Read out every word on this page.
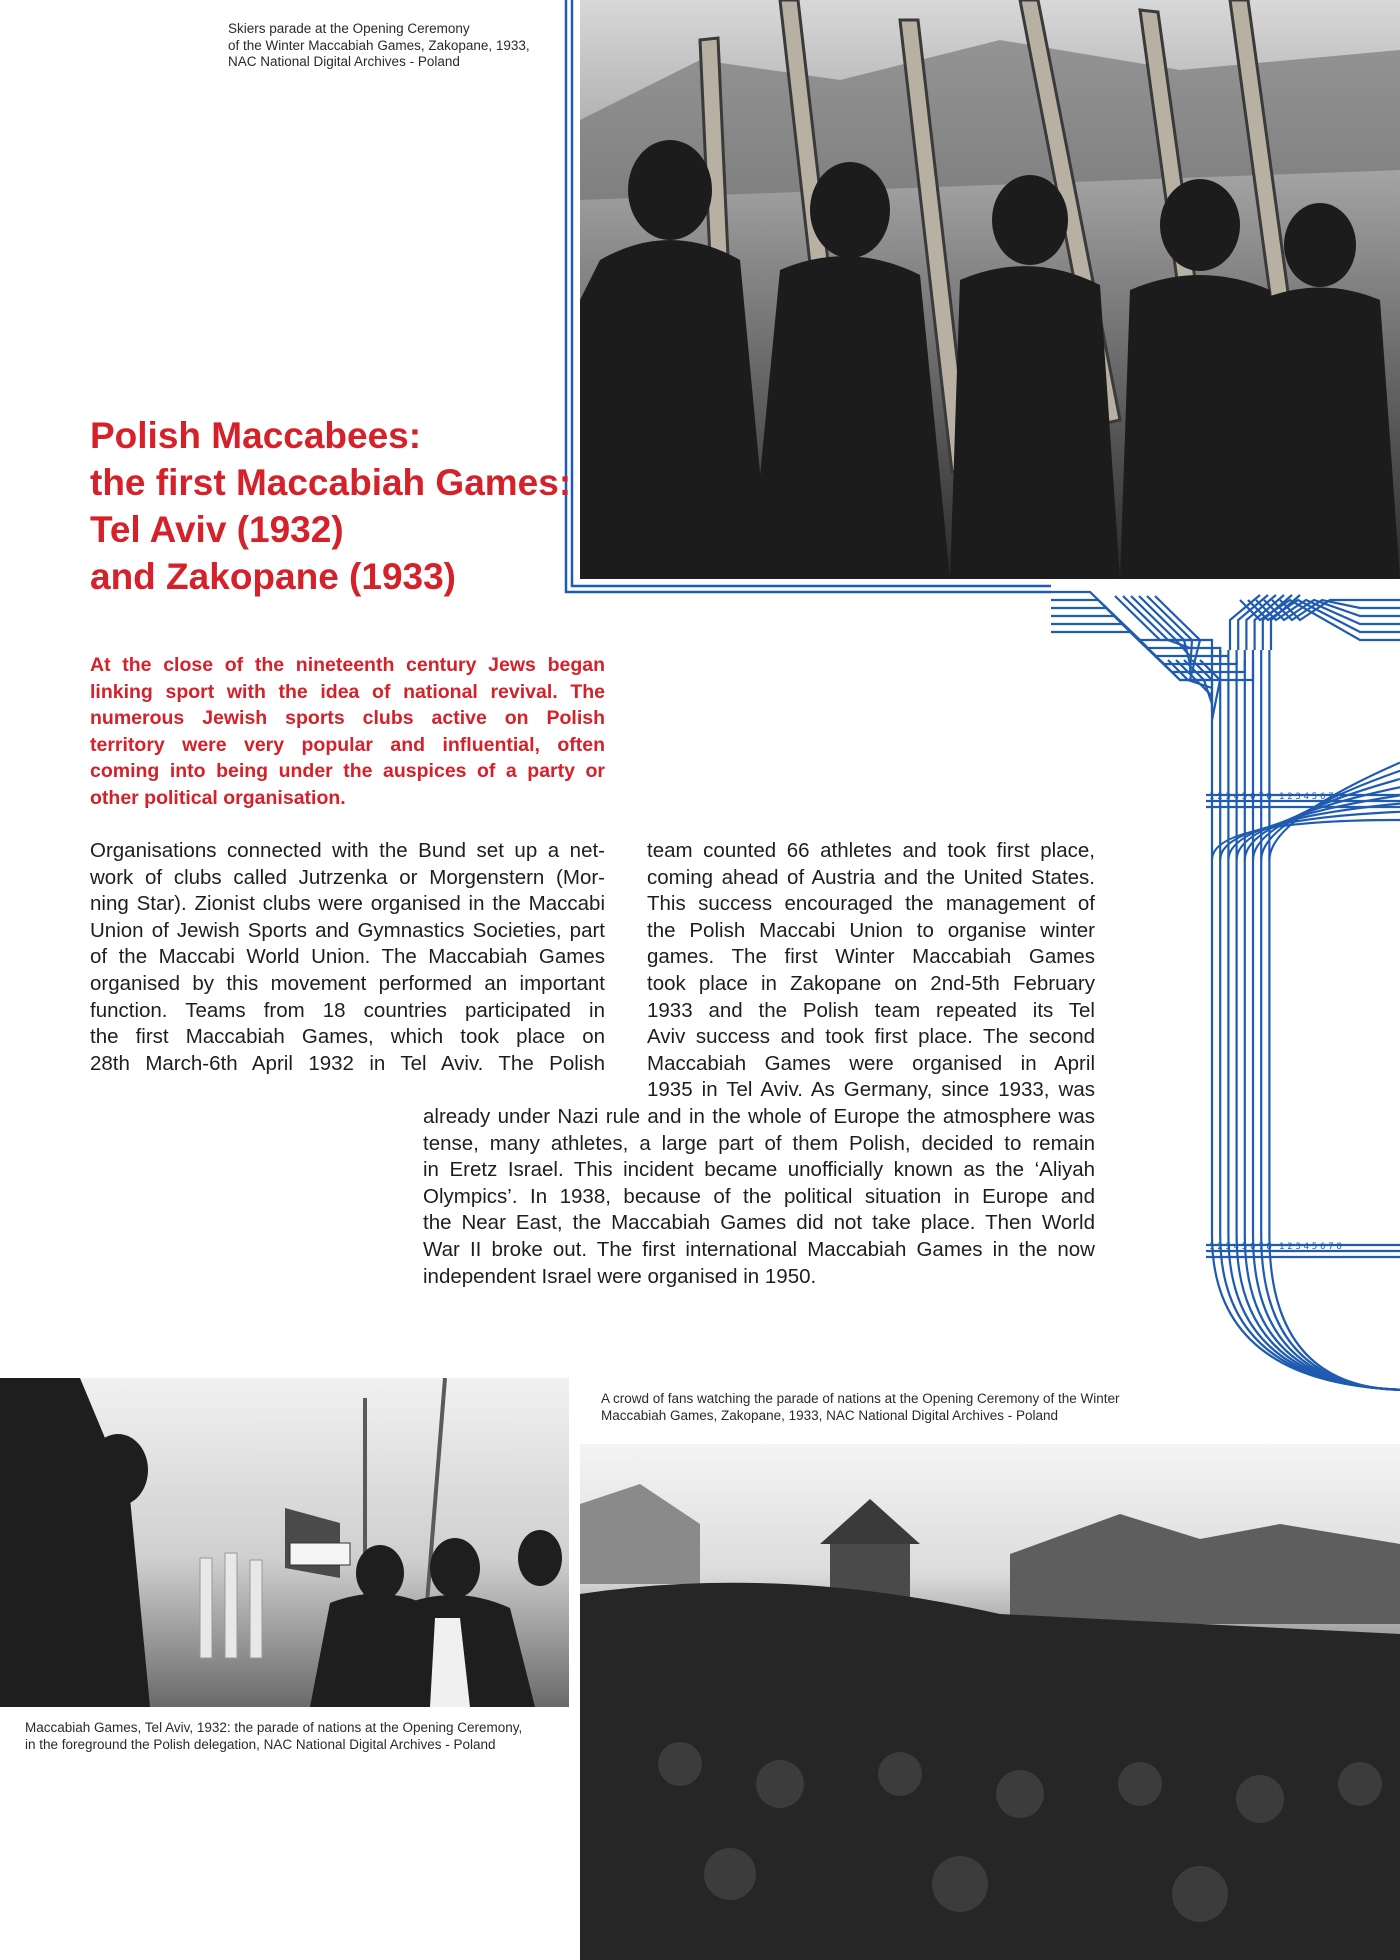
1	1
2	2
3	3
4	4
5	5
6	6
7	7
8	8
1	1
2	2
3	3
4	4
5	5
6	6
7	7
8	8
Skiers parade at the Opening Ceremony
of the Winter Maccabiah Games, Zakopane, 1933,
NAC National Digital Archives - Poland
Polish Maccabees:
the first Maccabiah Games:
Tel Aviv (1932)
and Zakopane (1933)
At the close of the nineteenth century Jews began linking sport with the idea of national revival. The numerous Jewish sports clubs active on Polish territory were very popular and influential, often coming into being under the auspices of a party or other political organisation.
Organisations connected with the Bund set up a net-
work of clubs called Jutrzenka or Morgenstern (Mor-
ning Star). Zionist clubs were organised in the Maccabi
Union of Jewish Sports and Gymnastics Societies, part
of the Maccabi World Union. The Maccabiah Games
organised by this movement performed an important
function. Teams from 18 countries participated in
the first Maccabiah Games, which took place on
28th March-6th April 1932 in Tel Aviv. The Polish
team counted 66 athletes and took first place,
coming ahead of Austria and the United States.
This success encouraged the management of
the Polish Maccabi Union to organise winter
games. The first Winter Maccabiah Games
took place in Zakopane on 2nd-5th February
1933 and the Polish team repeated its Tel
Aviv success and took first place. The second
Maccabiah Games were organised in April
1935 in Tel Aviv. As Germany, since 1933, was
already under Nazi rule and in the whole of Europe the atmosphere was
tense, many athletes, a large part of them Polish, decided to remain
in Eretz Israel. This incident became unofficially known as the ‘Aliyah
Olympics’. In 1938, because of the political situation in Europe and
the Near East, the Maccabiah Games did not take place. Then World
War II broke out. The first international Maccabiah Games in the now
independent Israel were organised in 1950.
Maccabiah Games, Tel Aviv, 1932: the parade of nations at the Opening Ceremony,
in the foreground the Polish delegation, NAC National Digital Archives - Poland
A crowd of fans watching the parade of nations at the Opening Ceremony of the Winter
Maccabiah Games, Zakopane, 1933, NAC National Digital Archives - Poland
